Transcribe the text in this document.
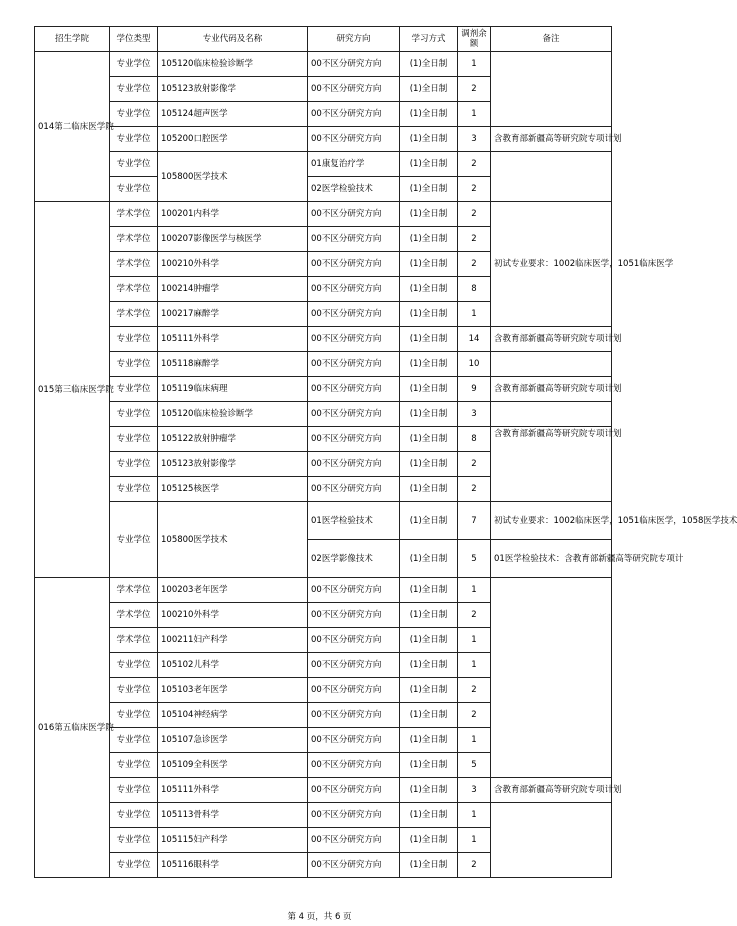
招生学院	学位类型	专业代码及名称	研究方向	学习方式	调剂余额	备注
014第二临床医学院	专业学位	105120临床检验诊断学	00不区分研究方向	(1)全日制	1	
	专业学位	105123放射影像学	00不区分研究方向	(1)全日制	2	
	专业学位	105124超声医学	00不区分研究方向	(1)全日制	1	
	专业学位	105200口腔医学	00不区分研究方向	(1)全日制	3	含教育部新疆高等研究院专项计划
	专业学位	105800医学技术	01康复治疗学	(1)全日制	2	
	专业学位		02医学检验技术	(1)全日制	2	
015第三临床医学院	学术学位	100201内科学	00不区分研究方向	(1)全日制	2	初试专业要求：1002临床医学，1051临床医学
	学术学位	100207影像医学与核医学	00不区分研究方向	(1)全日制	2	
	学术学位	100210外科学	00不区分研究方向	(1)全日制	2	
	学术学位	100214肿瘤学	00不区分研究方向	(1)全日制	8	
	学术学位	100217麻醉学	00不区分研究方向	(1)全日制	1	
	专业学位	105111外科学	00不区分研究方向	(1)全日制	14	含教育部新疆高等研究院专项计划
	专业学位	105118麻醉学	00不区分研究方向	(1)全日制	10	
	专业学位	105119临床病理	00不区分研究方向	(1)全日制	9	含教育部新疆高等研究院专项计划
	专业学位	105120临床检验诊断学	00不区分研究方向	(1)全日制	3	
	专业学位	105122放射肿瘤学	00不区分研究方向	(1)全日制	8	含教育部新疆高等研究院专项计划
	专业学位	105123放射影像学	00不区分研究方向	(1)全日制	2	
	专业学位	105125核医学	00不区分研究方向	(1)全日制	2	
	专业学位	105800医学技术	01医学检验技术	(1)全日制	7	初试专业要求：1002临床医学，1051临床医学，1058医学技术
			02医学影像技术	(1)全日制	5	01医学检验技术：含教育部新疆高等研究院专项计
016第五临床医学院	学术学位	100203老年医学	00不区分研究方向	(1)全日制	1	
	学术学位	100210外科学	00不区分研究方向	(1)全日制	2	
	学术学位	100211妇产科学	00不区分研究方向	(1)全日制	1	
	专业学位	105102儿科学	00不区分研究方向	(1)全日制	1	
	专业学位	105103老年医学	00不区分研究方向	(1)全日制	2	
	专业学位	105104神经病学	00不区分研究方向	(1)全日制	2	
	专业学位	105107急诊医学	00不区分研究方向	(1)全日制	1	
	专业学位	105109全科医学	00不区分研究方向	(1)全日制	5	
	专业学位	105111外科学	00不区分研究方向	(1)全日制	3	含教育部新疆高等研究院专项计划
	专业学位	105113骨科学	00不区分研究方向	(1)全日制	1	
	专业学位	105115妇产科学	00不区分研究方向	(1)全日制	1	
	专业学位	105116眼科学	00不区分研究方向	(1)全日制	2	
第 4 页，共 6 页
